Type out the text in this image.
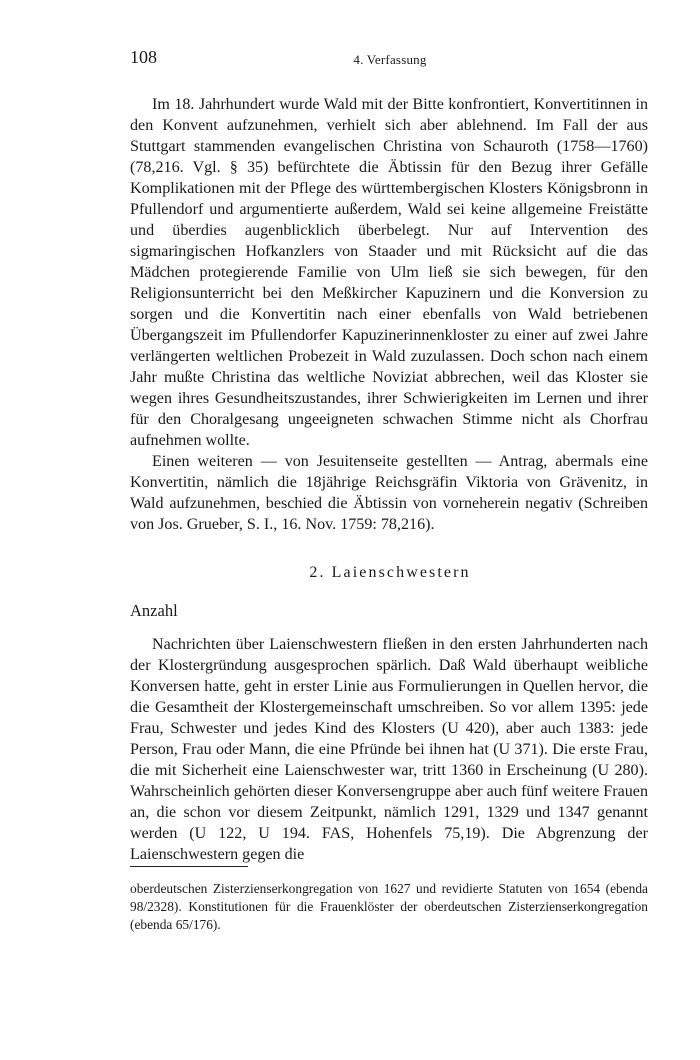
108	4. Verfassung

Im 18. Jahrhundert wurde Wald mit der Bitte konfrontiert, Konvertitinnen in den Konvent aufzunehmen, verhielt sich aber ablehnend. Im Fall der aus Stuttgart stammenden evangelischen Christina von Schauroth (1758—1760) (78,216. Vgl. § 35) befürchtete die Äbtissin für den Bezug ihrer Gefälle Komplikationen mit der Pflege des württembergischen Klosters Königsbronn in Pfullendorf und argumentierte außerdem, Wald sei keine allgemeine Freistätte und überdies augenblicklich überbelegt. Nur auf Intervention des sigmaringischen Hofkanzlers von Staader und mit Rücksicht auf die das Mädchen protegierende Familie von Ulm ließ sie sich bewegen, für den Religionsunterricht bei den Meßkircher Kapuzinern und die Konversion zu sorgen und die Konvertitin nach einer ebenfalls von Wald betriebenen Übergangszeit im Pfullendorfer Kapuzinerinnenkloster zu einer auf zwei Jahre verlängerten weltlichen Probezeit in Wald zuzulassen. Doch schon nach einem Jahr mußte Christina das weltliche Noviziat abbrechen, weil das Kloster sie wegen ihres Gesundheitszustandes, ihrer Schwierigkeiten im Lernen und ihrer für den Choralgesang ungeeigneten schwachen Stimme nicht als Chorfrau aufnehmen wollte.

Einen weiteren — von Jesuitenseite gestellten — Antrag, abermals eine Konvertitin, nämlich die 18jährige Reichsgräfin Viktoria von Grävenitz, in Wald aufzunehmen, beschied die Äbtissin von vorneherein negativ (Schreiben von Jos. Grueber, S. I., 16. Nov. 1759: 78,216).

2. Laienschwestern
Anzahl

Nachrichten über Laienschwestern fließen in den ersten Jahrhunderten nach der Klostergründung ausgesprochen spärlich. Daß Wald überhaupt weibliche Konversen hatte, geht in erster Linie aus Formulierungen in Quellen hervor, die die Gesamtheit der Klostergemeinschaft umschreiben. So vor allem 1395: jede Frau, Schwester und jedes Kind des Klosters (U 420), aber auch 1383: jede Person, Frau oder Mann, die eine Pfründe bei ihnen hat (U 371). Die erste Frau, die mit Sicherheit eine Laienschwester war, tritt 1360 in Erscheinung (U 280). Wahrscheinlich gehörten dieser Konversengruppe aber auch fünf weitere Frauen an, die schon vor diesem Zeitpunkt, nämlich 1291, 1329 und 1347 genannt werden (U 122, U 194. FAS, Hohenfels 75,19). Die Abgrenzung der Laienschwestern gegen die

oberdeutschen Zisterzienserkongregation von 1627 und revidierte Statuten von 1654 (ebenda 98/2328). Konstitutionen für die Frauenklöster der oberdeutschen Zisterzienserkongregation (ebenda 65/176).
